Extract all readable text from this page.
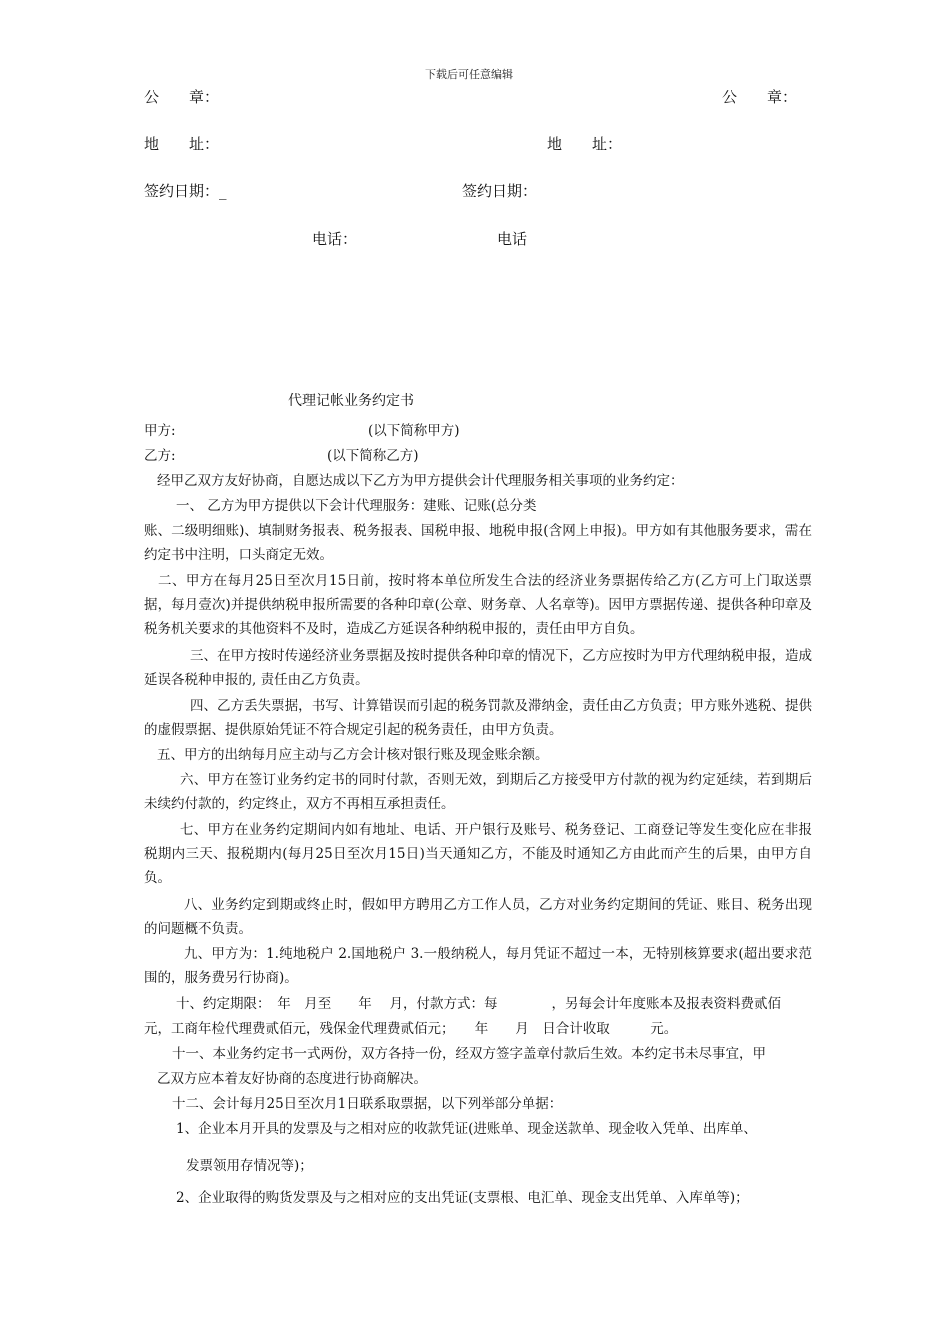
下载后可任意编辑
公　　章：	公　　章：
地　　址：	地　　址：
签约日期：_	签约日期：
电话：	电话
代理记帐业务约定书
甲方:	(以下简称甲方)
乙方:	(以下简称乙方)
经甲乙双方友好协商，自愿达成以下乙方为甲方提供会计代理服务相关事项的业务约定：
一、 乙方为甲方提供以下会计代理服务：建账、记账(总分类
账、二级明细账)、填制财务报表、税务报表、国税申报、地税申报(含网上申报)。甲方如有其他服务要求，需在约定书中注明，口头商定无效。
二、甲方在每月25日至次月15日前，按时将本单位所发生合法的经济业务票据传给乙方(乙方可上门取送票据，每月壹次)并提供纳税申报所需要的各种印章(公章、财务章、人名章等)。因甲方票据传递、提供各种印章及税务机关要求的其他资料不及时，造成乙方延误各种纳税申报的，责任由甲方自负。
三、在甲方按时传递经济业务票据及按时提供各种印章的情况下，乙方应按时为甲方代理纳税申报，造成延误各税种申报的, 责任由乙方负责。
四、乙方丢失票据，书写、计算错误而引起的税务罚款及滞纳金，责任由乙方负责；甲方账外逃税、提供的虚假票据、提供原始凭证不符合规定引起的税务责任，由甲方负责。
五、甲方的出纳每月应主动与乙方会计核对银行账及现金账余额。
六、甲方在签订业务约定书的同时付款，否则无效，到期后乙方接受甲方付款的视为约定延续，若到期后未续约付款的，约定终止，双方不再相互承担责任。
七、甲方在业务约定期间内如有地址、电话、开户银行及账号、税务登记、工商登记等发生变化应在非报税期内三天、报税期内(每月25日至次月15日)当天通知乙方，不能及时通知乙方由此而产生的后果，由甲方自负。
八、业务约定到期或终止时，假如甲方聘用乙方工作人员，乙方对业务约定期间的凭证、账目、税务出现的问题概不负责。
九、甲方为：1.纯地税户 2.国地税户 3.一般纳税人，每月凭证不超过一本，无特别核算要求(超出要求范围的，服务费另行协商)。
十、约定期限：　年　月至　　年　 月，付款方式：每　　　　，另每会计年度账本及报表资料费贰佰
元，工商年检代理费贰佰元，残保金代理费贰佰元；　　年　　月　日合计收取　　　元。
十一、本业务约定书一式两份，双方各持一份，经双方签字盖章付款后生效。本约定书未尽事宜，甲
乙双方应本着友好协商的态度进行协商解决。
十二、会计每月25日至次月1日联系取票据，以下列举部分单据：
1、企业本月开具的发票及与之相对应的收款凭证(进账单、现金送款单、现金收入凭单、出库单、
发票领用存情况等)；
2、企业取得的购货发票及与之相对应的支出凭证(支票根、电汇单、现金支出凭单、入库单等)；
